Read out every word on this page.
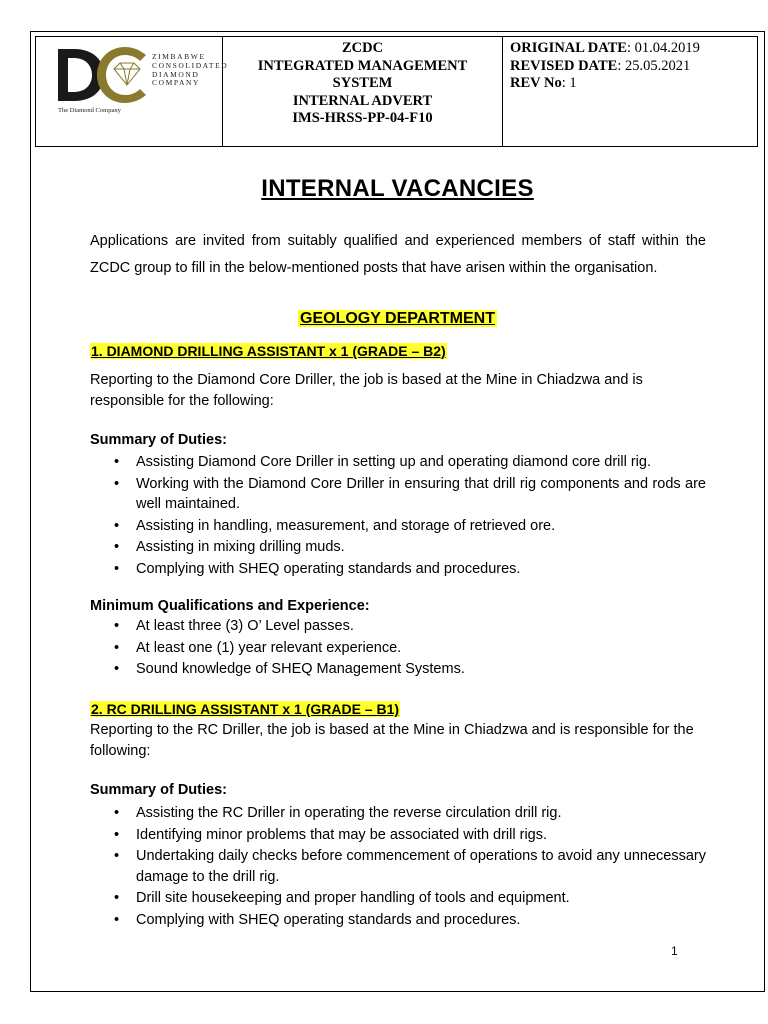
ZIMBABWE
CONSOLIDATED
DIAMOND
COMPANY
The Diamond Company

ZCDC
INTEGRATED MANAGEMENT
SYSTEM
INTERNAL ADVERT
IMS-HRSS-PP-04-F10

ORIGINAL DATE: 01.04.2019
REVISED DATE: 25.05.2021
REV No: 1
INTERNAL VACANCIES
Applications are invited from suitably qualified and experienced members of staff within the ZCDC group to fill in the below-mentioned posts that have arisen within the organisation.
GEOLOGY DEPARTMENT
1. DIAMOND DRILLING ASSISTANT x 1 (GRADE – B2)
Reporting to the Diamond Core Driller, the job is based at the Mine in Chiadzwa and is responsible for the following:
Summary of Duties:
• Assisting Diamond Core Driller in setting up and operating diamond core drill rig.
• Working with the Diamond Core Driller in ensuring that drill rig components and rods are well maintained.
• Assisting in handling, measurement, and storage of retrieved ore.
• Assisting in mixing drilling muds.
• Complying with SHEQ operating standards and procedures.
Minimum Qualifications and Experience:
• At least three (3) O’ Level passes.
• At least one (1) year relevant experience.
• Sound knowledge of SHEQ Management Systems.
2. RC DRILLING ASSISTANT x 1 (GRADE – B1)
Reporting to the RC Driller, the job is based at the Mine in Chiadzwa and is responsible for the following:
Summary of Duties:
• Assisting the RC Driller in operating the reverse circulation drill rig.
• Identifying minor problems that may be associated with drill rigs.
• Undertaking daily checks before commencement of operations to avoid any unnecessary damage to the drill rig.
• Drill site housekeeping and proper handling of tools and equipment.
• Complying with SHEQ operating standards and procedures.
1
